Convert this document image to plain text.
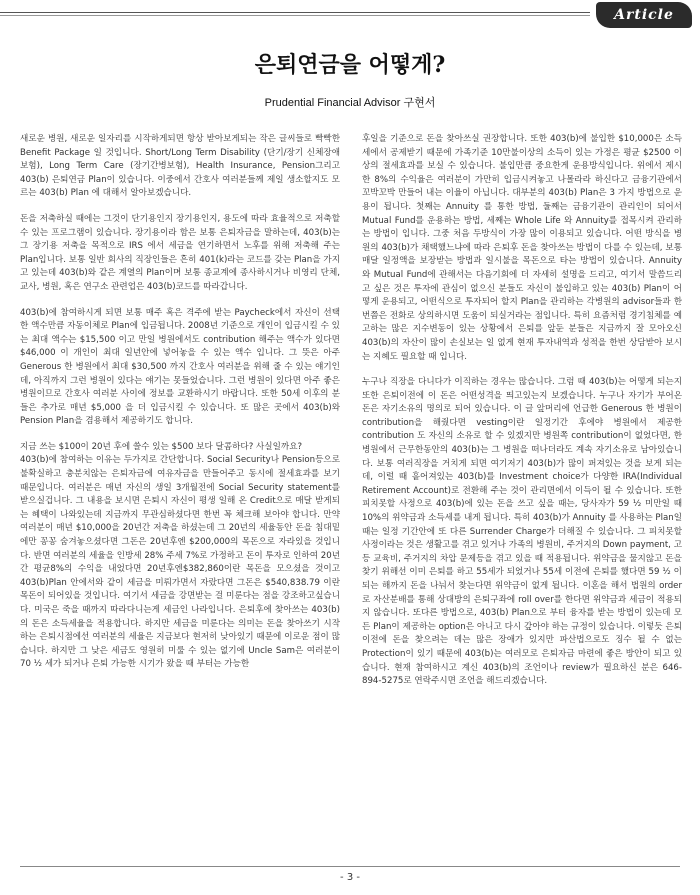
Article
은퇴연금을 어떻게?
Prudential Financial Advisor 구현서

새로운 병원, 새로운 일자리를 시작하게되면 항상 받아보게되는 작은 글씨들로 빡빡한 Benefit Package 일 것입니다. Short/Long Term Disability (단기/장기 신체장애보험), Long Term Care (장기간병보험), Health Insurance, Pension그리고 403(b) 은퇴연금 Plan이 있습니다. 이중에서 간호사 여러분들께 제일 생소할지도 모르는 403(b) Plan 에 대해서 알아보겠습니다.

돈을 저축하실 때에는 그것이 단기용인지 장기용인지, 용도에 따라 효율적으로 저축할 수 있는 프로그램이 있습니다. 장기용이라 함은 보통 은퇴자금을 말하는데, 403(b)는 그 장기용 저축을 목적으로 IRS 에서 세금을 연기하면서 노후를 위해 저축해 주는 Plan입니다. 보통 일반 회사의 직장인들은 흔히 401(k)라는 코드를 갖는 Plan을 가지고 있는데 403(b)와 같은 계열의 Plan이며 보통 종교계에 종사하시거나 비영리 단체, 교사, 병원, 혹은 연구소 관련업은 403(b)코드를 따라갑니다.

403(b)에 참여하시게 되면 보통 매주 혹은 격주에 받는 Paycheck에서 자신이 선택한 액수만큼 자동이체로 Plan에 입금됩니다. 2008년 기준으로 개인이 입금시킬 수 있는 최대 액수는 $15,500 이고 만일 병원에서도 contribution 해주는 액수가 있다면 $46,000 이 개인이 최대 일년안에 넣어놓을 수 있는 액수 입니다. 그 뜻은 아주 Generous 한 병원에서 최대 $30,500 까지 간호사 여러분을 위해 줄 수 있는 얘기인데, 아직까지 그런 병원이 있다는 얘기는 못들었습니다. 그런 병원이 있다면 아주 좋은 병원이므로 간호사 여러분 사이에 정보를 교환하시기 바랍니다. 또한 50세 이후의 분들은 추가로 매년 $5,000 을 더 입금시킬 수 있습니다. 또 많은 곳에서 403(b)와 Pension Plan을 겸용해서 제공하기도 합니다.

지금 쓰는 $100이 20년 후에 쓸수 있는 $500 보다 달콤하다? 사실일까요?

403(b)에 참여하는 이유는 두가지로 간단합니다. Social Security나 Pension등으로 불확실하고 충분치않는 은퇴자금에 여유자금을 만들어주고 동시에 절세효과를 보기 때문입니다. 여러분은 매년 자신의 생일 3개월전에 Social Security statement를 받으실겁니다. 그 내용을 보시면 은퇴시 자신이 평생 일해 온 Credit으로 매달 받게되는 혜택이 나와있는데 지금까지 무관심하셨다면 한번 꼭 체크해 보아야 합니다. 만약 여러분이 매년 $10,000을 20년간 저축을 하셨는데 그 20년의 세율동안 돈을 침대밑에만 꽁꽁 숨겨놓으셨다면 그돈은 20년후엔 $200,000의 목돈으로 자라있을 것입니다. 반면 여러분의 세율을 인방세 28% 주세 7%로 가정하고 돈이 투자로 인하여 20년간 평균8%의 수익을 내었다면 20년후엔$382,860이란 목돈을 모으셨을 것이고 403(b)Plan 안에서와 같이 세금을 미뤄가면서 자랐다면 그돈은 $540,838.79 이란 목돈이 되어있을 것입니다. 여기서 세금을 강면받는 걸 미룬다는 점을 강조하고싶습니다. 미국은 죽을 때까지 따라다니는게 세금인 나라입니다. 은퇴후에 찾아쓰는 403(b)의 돈은 소득세율을 적용합니다. 하지만 세금을 미룬다는 의미는 돈을 찾아쓰기 시작하는 은퇴시점에선 여러분의 세율은 지금보다 현저히 낮아있기 때문에 이로운 점이 많습니다. 하지만 그 낮은 세금도 영원히 미룰 수 있는 없기에 Uncle Sam은 여러분이 70 ½ 세가 되거나 은퇴 가능한 시기가 왔을 때 부터는 가능한

후일을 기준으로 돈을 찾아쓰실 권장합니다. 또한 403(b)에 불입한 $10,000은 소득세에서 공제받기 때문에 가족기준 10만불이상의 소득이 있는 가정은 평균 $2500 이상의 절세효과를 보실 수 있습니다. 불입만큼 중요한게 운용방식입니다. 위에서 제시한 8%의 수익율은 여러분이 가만히 입금시켜놓고 나몰라라 하신다고 금융기관에서 꼬박꼬박 만들어 내는 이율이 아닙니다. 대부분의 403(b) Plan은 3 가지 방법으로 운용이 됩니다. 첫째는 Annuity 를 통한 방법, 둘째는 금융기관이 관리인이 되어서 Mutual Fund를 운용하는 방법, 세째는 Whole Life 와 Annuity를 접목시켜 관리하는 방법이 입니다. 그중 처음 두방식이 가장 많이 이용되고 있습니다. 어떤 방식을 병원의 403(b)가 채택했느냐에 따라 은퇴후 돈을 찾아쓰는 방법이 다를 수 있는데, 보통 매달 일정액을 보장받는 방법과 일시불을 목돈으로 타는 방법이 있습니다. Annuity 와 Mutual Fund에 관해서는 다음기회에 더 자세히 설명을 드리고, 여기서 말씀드리고 싶은 것은 투자에 관심이 없으신 분들도 자신이 불입하고 있는 403(b) Plan이 어떻게 운용되고, 어떤식으로 투자되어 할지 Plan을 관리하는 각병원의 advisor들과 한번쯤은 전화로 상의하시면 도움이 되실거라는 점입니다. 특히 요즘처럼 경기침체를 예고하는 많은 지수변동이 있는 상황에서 은퇴를 앞둔 분들은 지금까지 잘 모아오신 403(b)의 자산이 많이 손실보는 일 없게 현재 투자내역과 성적을 한번 상담받아 보시는 지혜도 필요할 때 입니다.

누구나 직장을 다니다가 이직하는 경우는 많습니다. 그럼 때 403(b)는 어떻게 되는지 또한 은퇴이전에 이 돈은 어떤성격을 띄고있는지 보겠습니다. 누구나 자기가 부어온 돈은 자기소유의 명의로 되어 있습니다. 이 글 앞머리에 언급한 Generous 한 병원이 contribution을 해줬다면 vesting이란 일정기간 후에야 병원에서 제공한 contribution 도 자신의 소유로 할 수 있겠지만 병원쪽 contribution이 없었다면, 한 병원에서 근무한동안의 403(b)는 그 병원을 떠나더라도 계속 자기소유로 남아있습니다. 보통 여러직장을 거치게 되면 여기저기 403(b)가 많이 퍼져있는 것을 보게 되는데, 이럴 때 흩어져있는 403(b)를 Investment choice가 다양한 IRA(Individual Retirement Account)로 전환해 주는 것이 관리면에서 이득이 될 수 있습니다. 또한 피치못할 사정으로 403(b)에 있는 돈을 쓰고 싶을 때는, 당사자가 59 ½ 미만일 때 10%의 위약금과 소득세를 내게 됩니다. 특히 403(b)가 Annuity 를 사용하는 Plan일때는 일정 기간안에 또 다른 Surrender Charge가 더해질 수 있습니다. 그 피치못할 사정이라는 것은 생활고를 겪고 있거나 가족의 병원비, 주거지의 Down payment, 고등 교육비, 주거지의 차압 문제등을 겪고 있을 때 적용됩니다. 위약금을 물지않고 돈을 찾기 위해선 이미 은퇴를 하고 55세가 되었거나 55세 이전에 은퇴를 했다면 59 ½ 이 되는 해까지 돈을 나눠서 찾는다면 위약금이 없게 됩니다. 이혼을 해서 법원의 order 로 자산분배를 통해 상대방의 은퇴구좌에 roll over를 한다면 위약금과 세금이 적용되지 않습니다. 또다른 방법으로, 403(b) Plan으로 부터 융자를 받는 방법이 있는데 모든 Plan이 제공하는 option은 아니고 다시 갚아야 하는 규정이 있습니다. 이렇듯 은퇴이전에 돈을 찾으려는 데는 많은 장애가 있지만 파산법으로도 징수 될 수 없는 Protection이 있기 때문에 403(b)는 여러모로 은퇴자금 마련에 좋은 방안이 되고 있습니다. 현재 참여하시고 계신 403(b)의 조언이나 review가 필요하신 분은 646-894-5275로 연락주시면 조언을 해드리겠습니다.

- 3 -
